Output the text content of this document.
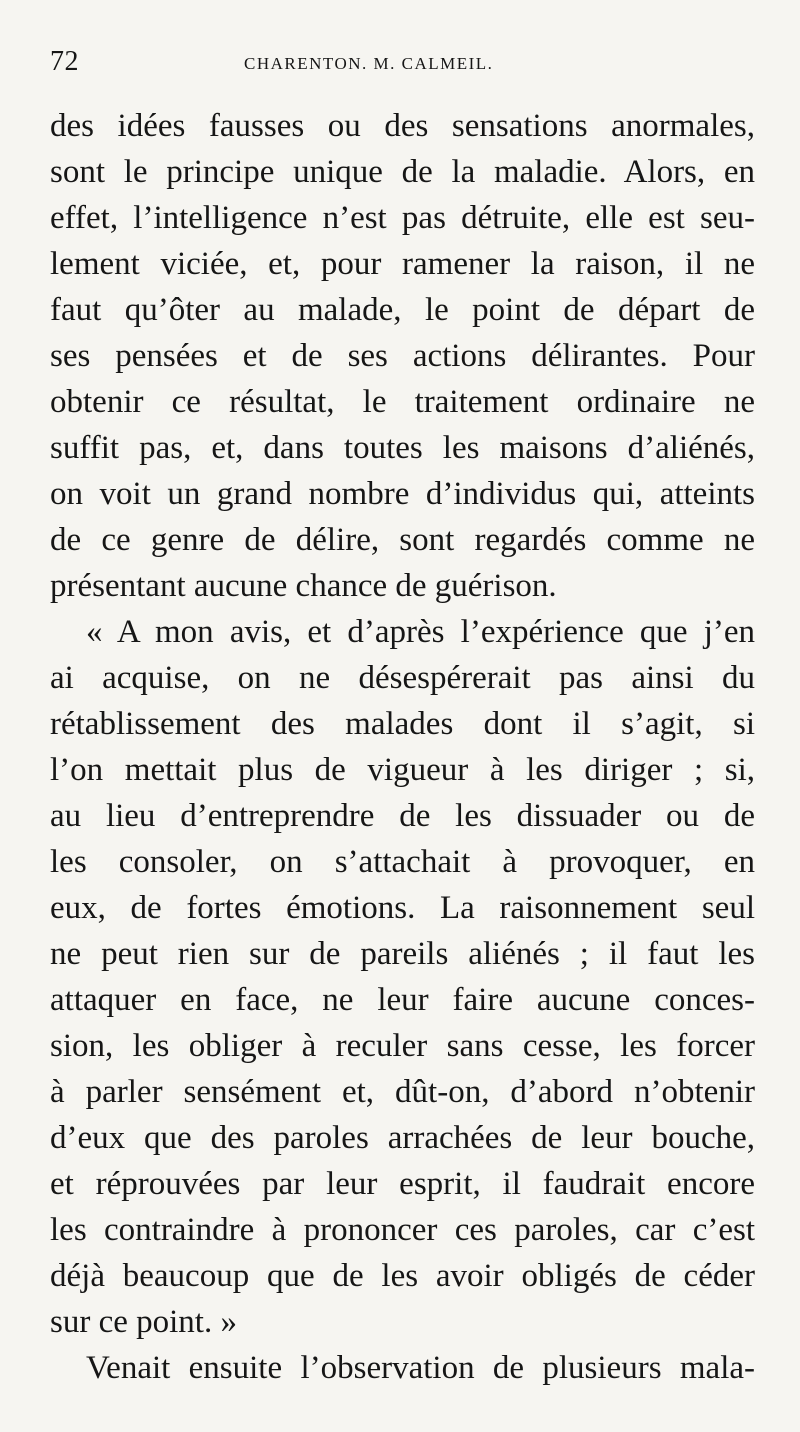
72	CHARENTON. M. CALMEIL.
des idées fausses ou des sensations anormales,
sont le principe unique de la maladie. Alors, en
effet, l’intelligence n’est pas détruite, elle est seu-
lement viciée, et, pour ramener la raison, il ne
faut qu’ôter au malade, le point de départ de
ses pensées et de ses actions délirantes. Pour
obtenir ce résultat, le traitement ordinaire ne
suffit pas, et, dans toutes les maisons d’aliénés,
on voit un grand nombre d’individus qui, atteints
de ce genre de délire, sont regardés comme ne
présentant aucune chance de guérison.
« A mon avis, et d’après l’expérience que j’en
ai acquise, on ne désespérerait pas ainsi du
rétablissement des malades dont il s’agit, si
l’on mettait plus de vigueur à les diriger ; si,
au lieu d’entreprendre de les dissuader ou de
les consoler, on s’attachait à provoquer, en
eux, de fortes émotions. La raisonnement seul
ne peut rien sur de pareils aliénés ; il faut les
attaquer en face, ne leur faire aucune conces-
sion, les obliger à reculer sans cesse, les forcer
à parler sensément et, dût-on, d’abord n’obtenir
d’eux que des paroles arrachées de leur bouche,
et réprouvées par leur esprit, il faudrait encore
les contraindre à prononcer ces paroles, car c’est
déjà beaucoup que de les avoir obligés de céder
sur ce point. »
Venait ensuite l’observation de plusieurs mala-
